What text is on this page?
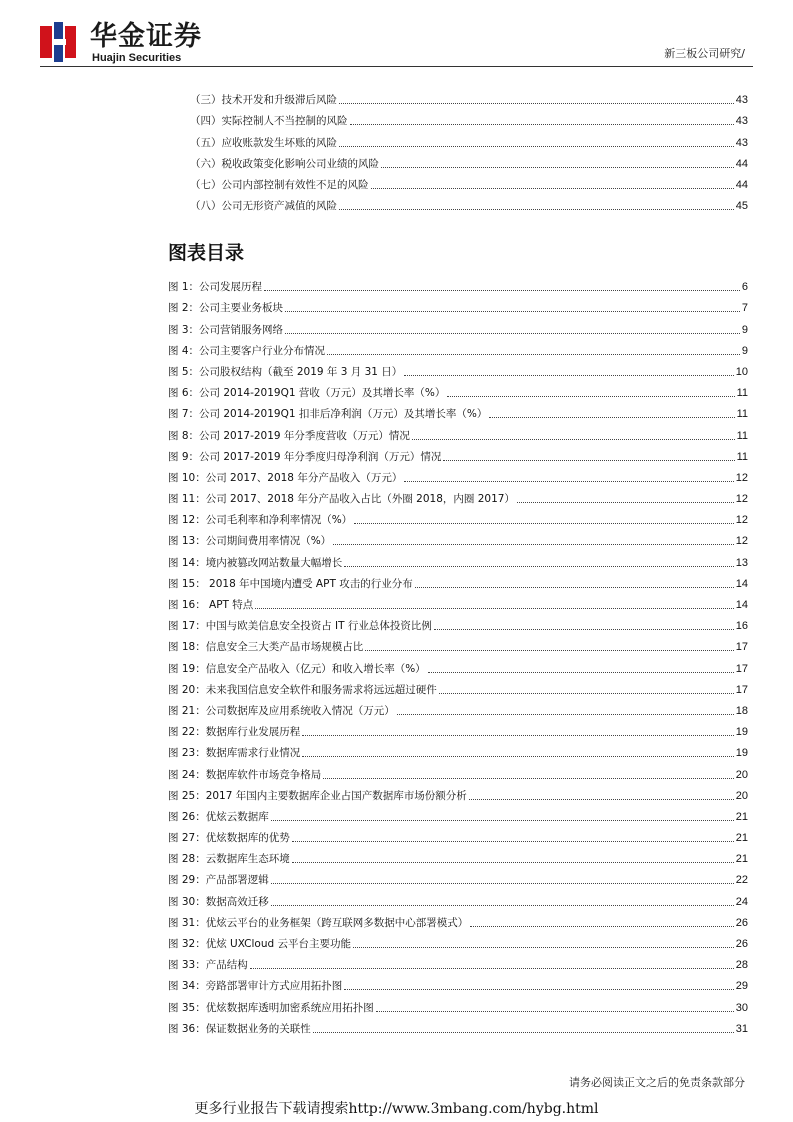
华金证券
Huajin Securities	新三板公司研究/
（三）技术开发和升级滞后风险	43
（四）实际控制人不当控制的风险	43
（五）应收账款发生坏账的风险	43
（六）税收政策变化影响公司业绩的风险	44
（七）公司内部控制有效性不足的风险	44
（八）公司无形资产减值的风险	45
图表目录
图 1：公司发展历程	6
图 2：公司主要业务板块	7
图 3：公司营销服务网络	9
图 4：公司主要客户行业分布情况	9
图 5：公司股权结构（截至 2019 年 3 月 31 日）	10
图 6：公司 2014-2019Q1 营收（万元）及其增长率（%）	11
图 7：公司 2014-2019Q1 扣非后净利润（万元）及其增长率（%）	11
图 8：公司 2017-2019 年分季度营收（万元）情况	11
图 9：公司 2017-2019 年分季度归母净利润（万元）情况	11
图 10：公司 2017、2018 年分产品收入（万元）	12
图 11：公司 2017、2018 年分产品收入占比（外圈 2018，内圈 2017）	12
图 12：公司毛利率和净利率情况（%）	12
图 13：公司期间费用率情况（%）	12
图 14：境内被篡改网站数量大幅增长	13
图 15： 2018 年中国境内遭受 APT 攻击的行业分布	14
图 16： APT 特点	14
图 17：中国与欧美信息安全投资占 IT 行业总体投资比例	16
图 18：信息安全三大类产品市场规模占比	17
图 19：信息安全产品收入（亿元）和收入增长率（%）	17
图 20：未来我国信息安全软件和服务需求将远远超过硬件	17
图 21：公司数据库及应用系统收入情况（万元）	18
图 22：数据库行业发展历程	19
图 23：数据库需求行业情况	19
图 24：数据库软件市场竞争格局	20
图 25：2017 年国内主要数据库企业占国产数据库市场份额分析	20
图 26：优炫云数据库	21
图 27：优炫数据库的优势	21
图 28：云数据库生态环境	21
图 29：产品部署逻辑	22
图 30：数据高效迁移	24
图 31：优炫云平台的业务框架（跨互联网多数据中心部署模式）	26
图 32：优炫 UXCloud 云平台主要功能	26
图 33：产品结构	28
图 34：旁路部署审计方式应用拓扑图	29
图 35：优炫数据库透明加密系统应用拓扑图	30
图 36：保证数据业务的关联性	31
请务必阅读正文之后的免责条款部分
更多行业报告下载请搜索http://www.3mbang.com/hybg.html
